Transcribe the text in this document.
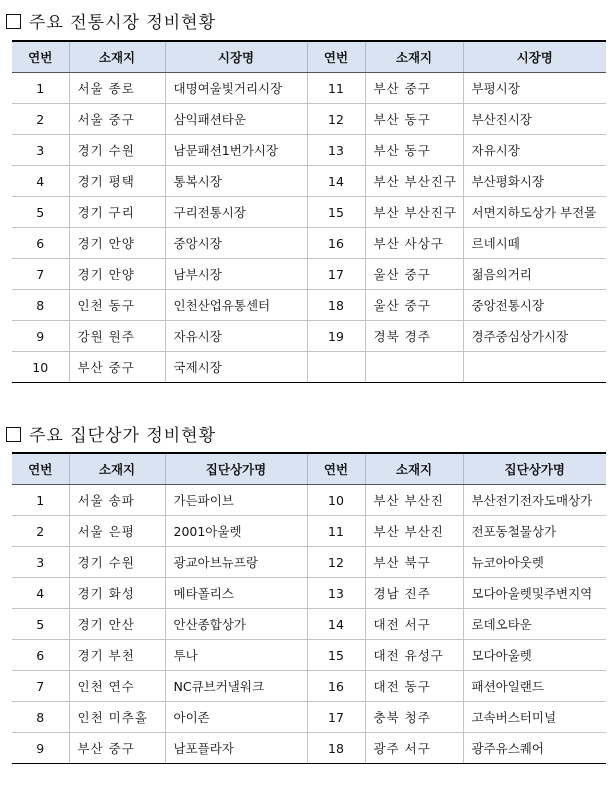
주요 전통시장 정비현황
연번	소재지	시장명	연번	소재지	시장명
1	서울 종로	대명여울빛거리시장	11	부산 중구	부평시장
2	서울 중구	삼익패션타운	12	부산 동구	부산진시장
3	경기 수원	남문패션1번가시장	13	부산 동구	자유시장
4	경기 평택	통복시장	14	부산 부산진구	부산평화시장
5	경기 구리	구리전통시장	15	부산 부산진구	서면지하도상가 부전몰
6	경기 안양	중앙시장	16	부산 사상구	르네시떼
7	경기 안양	남부시장	17	울산 중구	젊음의거리
8	인천 동구	인천산업유통센터	18	울산 중구	중앙전통시장
9	강원 원주	자유시장	19	경북 경주	경주중심상가시장
10	부산 중구	국제시장			
주요 집단상가 정비현황
연번	소재지	집단상가명	연번	소재지	집단상가명
1	서울 송파	가든파이브	10	부산 부산진	부산전기전자도매상가
2	서울 은평	2001아울렛	11	부산 부산진	전포동철물상가
3	경기 수원	광교아브뉴프랑	12	부산 북구	뉴코아아웃렛
4	경기 화성	메타폴리스	13	경남 진주	모다아울렛및주변지역
5	경기 안산	안산종합상가	14	대전 서구	로데오타운
6	경기 부천	투나	15	대전 유성구	모다아울렛
7	인천 연수	NC큐브커낼워크	16	대전 동구	패션아일랜드
8	인천 미추홀	아이존	17	충북 청주	고속버스터미널
9	부산 중구	남포플라자	18	광주 서구	광주유스퀘어
